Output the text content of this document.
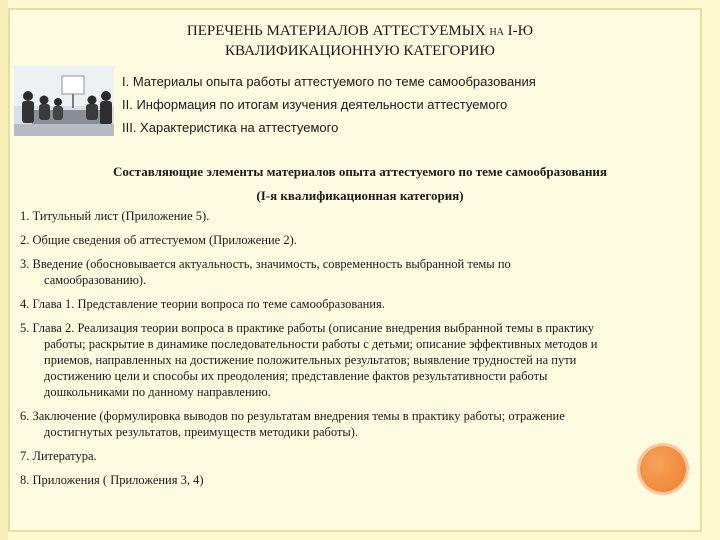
ПЕРЕЧЕНЬ МАТЕРИАЛОВ АТТЕСТУЕМЫХ НА I-Ю
КВАЛИФИКАЦИОННУЮ КАТЕГОРИЮ
I. Материалы опыта работы аттестуемого по теме самообразования
II. Информация по итогам изучения деятельности аттестуемого
III. Характеристика на аттестуемого
Составляющие элементы материалов опыта аттестуемого по теме самообразования
(I-я квалификационная категория)
1. Титульный лист (Приложение 5).
2. Общие сведения об аттестуемом (Приложение 2).
3. Введение (обосновывается актуальность, значимость, современность выбранной темы по
самообразованию).
4. Глава 1. Представление теории вопроса по теме самообразования.
5. Глава 2. Реализация теории вопроса в практике работы (описание внедрения выбранной темы в практику
работы; раскрытие в динамике последовательности работы с детьми; описание эффективных методов и
приемов, направленных на достижение положительных результатов; выявление трудностей на пути
достижению цели и способы их преодоления; представление фактов результативности работы
дошкольниками по данному направлению.
6. Заключение (формулировка выводов по результатам внедрения темы в практику работы; отражение
достигнутых результатов, преимуществ методики работы).
7. Литература.
8. Приложения ( Приложения 3, 4)
